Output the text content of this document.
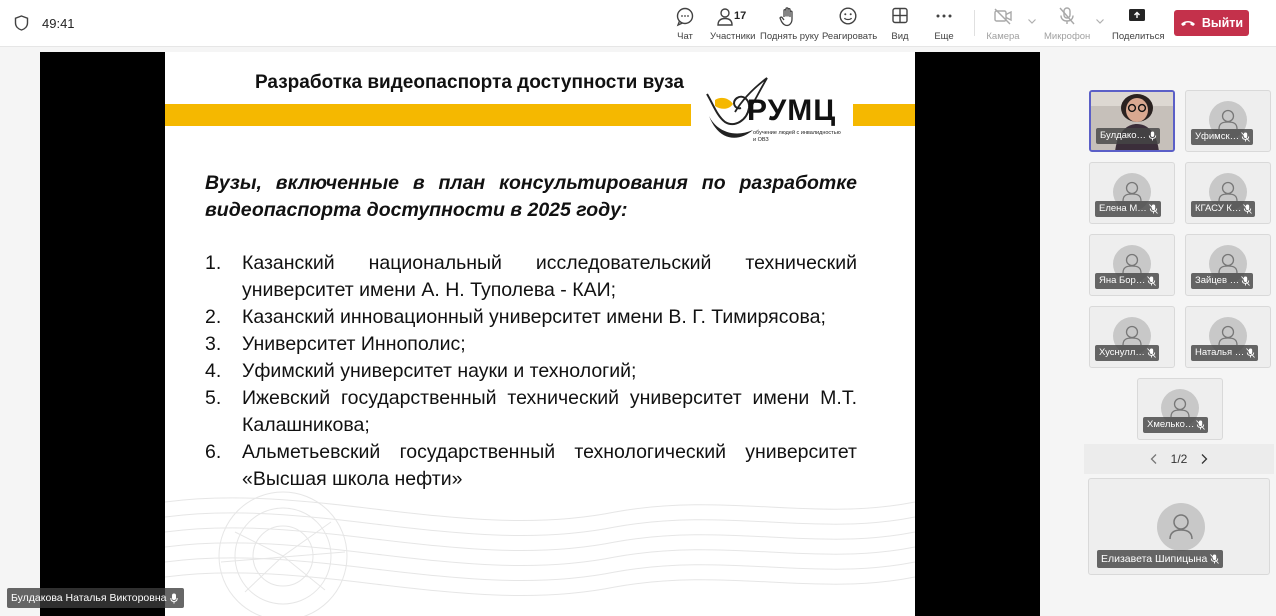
49:41
Чат
17
Участники Поднять руку Реагировать	Вид	Еще	Камера	Микрофон Поделиться
Выйти
Разработка видеопаспорта доступности вуза
РУМЦ
обучение людей с инвалидностью и ОВЗ
Вузы, включенные в план консультирования по разработке видеопаспорта доступности в 2025 году:
1. Казанский национальный исследовательский технический университет имени А. Н. Туполева - КАИ;
2. Казанский инновационный университет имени В. Г. Тимирясова;
3. Университет Иннополис;
4. Уфимский университет науки и технологий;
5. Ижевский государственный технический университет имени М.Т. Калашникова;
6. Альметьевский государственный технологический университет «Высшая школа нефти»
Булдакова Наталья Викторовна
Булдако…	Уфимск…
Елена М…	КГАСУ К…
Яна Бор…	Зайцев …
Хуснулл…	Наталья …
Хмелько…
1/2
Елизавета Шипицына
